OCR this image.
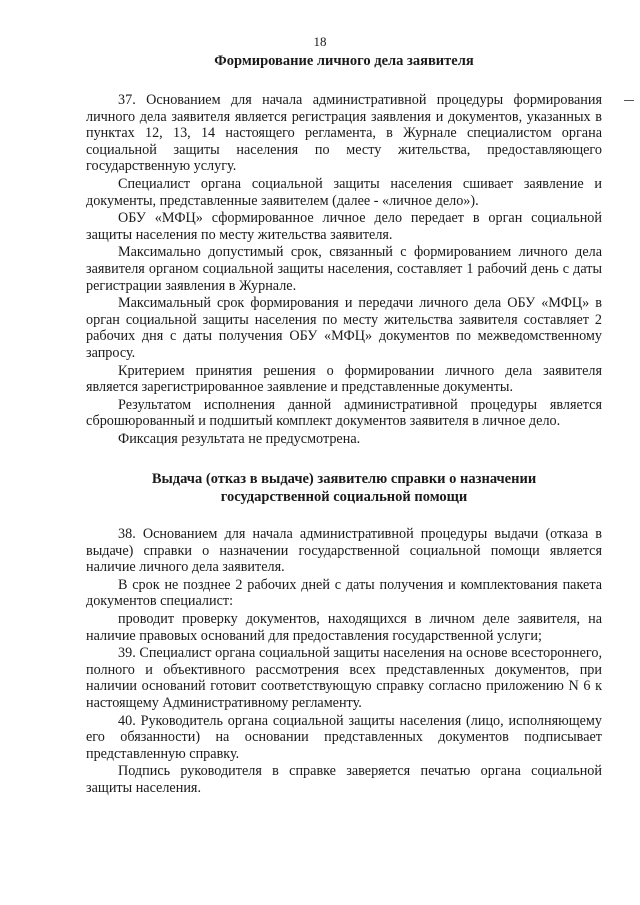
18
Формирование личного дела заявителя

37. Основанием для начала административной процедуры формирования личного дела заявителя является регистрация заявления и документов, указанных в пунктах 12, 13, 14 настоящего регламента, в Журнале специалистом органа социальной защиты населения по месту жительства, предоставляющего государственную услугу.

Специалист органа социальной защиты населения сшивает заявление и документы, представленные заявителем (далее - «личное дело»).

ОБУ «МФЦ» сформированное личное дело передает в орган социальной защиты населения по месту жительства заявителя.

Максимально допустимый срок, связанный с формированием личного дела заявителя органом социальной защиты населения, составляет 1 рабочий день с даты регистрации заявления в Журнале.

Максимальный срок формирования и передачи личного дела ОБУ «МФЦ» в орган социальной защиты населения по месту жительства заявителя составляет 2 рабочих дня с даты получения ОБУ «МФЦ» документов по межведомственному запросу.

Критерием принятия решения о формировании личного дела заявителя является зарегистрированное заявление и представленные документы.

Результатом исполнения данной административной процедуры является сброшюрованный и подшитый комплект документов заявителя в личное дело.

Фиксация результата не предусмотрена.

Выдача (отказ в выдаче) заявителю справки о назначении
государственной социальной помощи

38. Основанием для начала административной процедуры выдачи (отказа в выдаче) справки о назначении государственной социальной помощи является наличие личного дела заявителя.

В срок не позднее 2 рабочих дней с даты получения и комплектования пакета документов специалист:

проводит проверку документов, находящихся в личном деле заявителя, на наличие правовых оснований для предоставления государственной услуги;

39. Специалист органа социальной защиты населения на основе всестороннего, полного и объективного рассмотрения всех представленных документов, при наличии оснований готовит соответствующую справку согласно приложению N 6 к настоящему Административному регламенту.

40. Руководитель органа социальной защиты населения (лицо, исполняющему его обязанности) на основании представленных документов подписывает представленную справку.

Подпись руководителя в справке заверяется печатью органа социальной защиты населения.
